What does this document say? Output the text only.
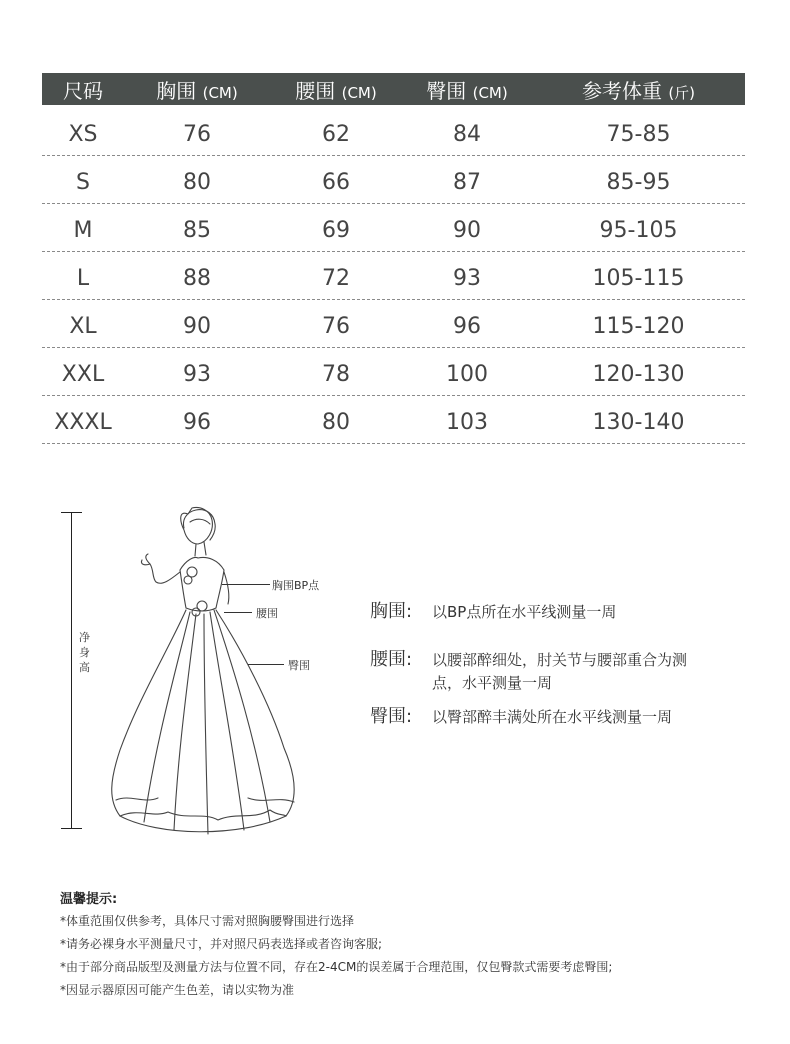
尺码	胸围 (CM)	腰围 (CM)	臀围 (CM)	参考体重 (斤)
XS	76	62	84	75-85
S	80	66	87	85-95
M	85	69	90	95-105
L	88	72	93	105-115
XL	90	76	96	115-120
XXL	93	78	100	120-130
XXXL	96	80	103	130-140
净身高
胸围BP点
腰围
臀围
胸围: 以BP点所在水平线测量一周
腰围: 以腰部醉细处，肘关节与腰部重合为测
点，水平测量一周
臀围: 以臀部醉丰满处所在水平线测量一周
温馨提示:
*体重范围仅供参考，具体尺寸需对照胸腰臀围进行选择
*请务必裸身水平测量尺寸，并对照尺码表选择或者咨询客服;
*由于部分商品版型及测量方法与位置不同，存在2-4CM的误差属于合理范围，仅包臀款式需要考虑臀围;
*因显示器原因可能产生色差，请以实物为准
